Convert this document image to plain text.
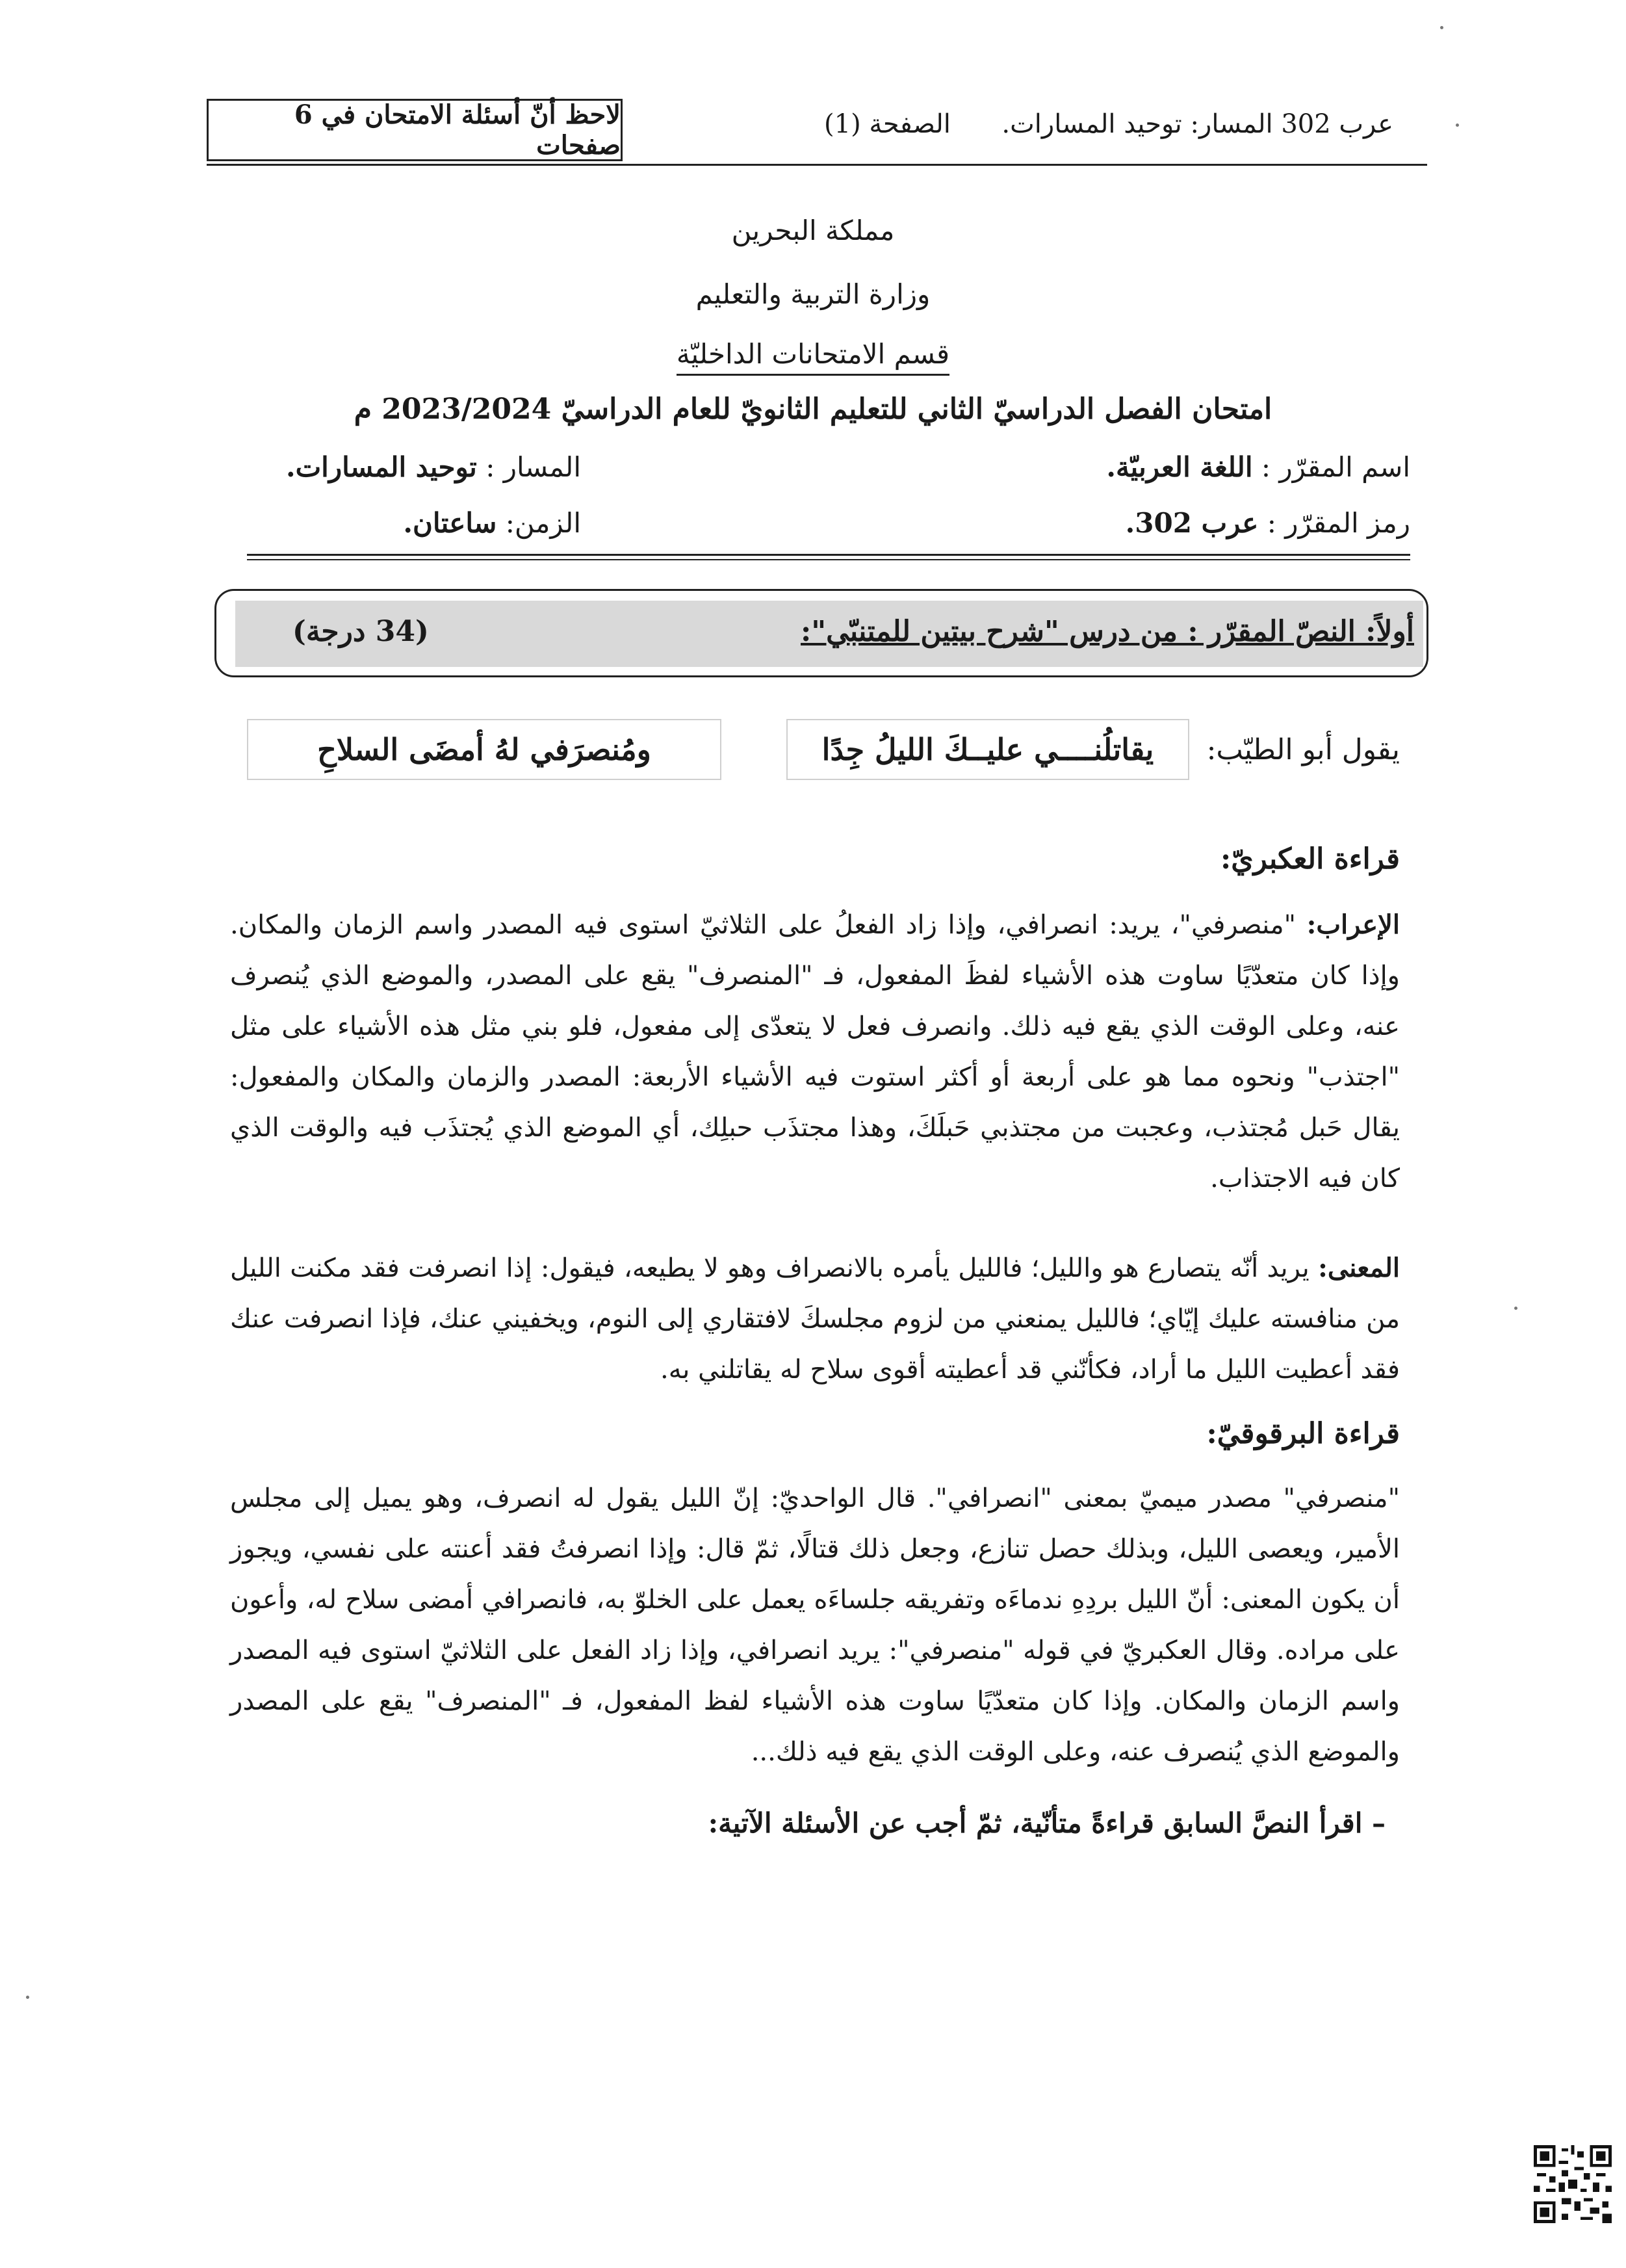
لاحظ أنّ أسئلة الامتحان في 6 صفحات
الصفحة (1) عرب 302 المسار: توحيد المسارات.
مملكة البحرين
وزارة التربية والتعليم
قسم الامتحانات الداخليّة
امتحان الفصل الدراسيّ الثاني للتعليم الثانويّ للعام الدراسيّ 2023/2024 م
اسم المقرّر : اللغة العربيّة.
المسار : توحيد المسارات.
رمز المقرّر : عرب 302.
الزمن: ساعتان.
أولاً: النصّ المقرّر : من درس "شرح بيتين للمتنبّي":
(34 درجة)
يقول أبو الطيّب:
يقاتلُنــــي عليــكَ الليلُ جِدًا
ومُنصرَفي لهُ أمضَى السلاحِ
قراءة العكبريّ:
الإعراب: "منصرفي"، يريد: انصرافي، وإذا زاد الفعلُ على الثلاثيّ استوى فيه المصدر واسم الزمان والمكان. وإذا كان متعدّيًا ساوت هذه الأشياء لفظَ المفعول، فـ "المنصرف" يقع على المصدر، والموضع الذي يُنصرف عنه، وعلى الوقت الذي يقع فيه ذلك. وانصرف فعل لا يتعدّى إلى مفعول، فلو بني مثل هذه الأشياء على مثل "اجتذب" ونحوه مما هو على أربعة أو أكثر استوت فيه الأشياء الأربعة: المصدر والزمان والمكان والمفعول: يقال حَبل مُجتذب، وعجبت من مجتذبي حَبلَكَ، وهذا مجتذَب حبلِك، أي الموضع الذي يُجتذَب فيه والوقت الذي كان فيه الاجتذاب.
المعنى: يريد أنّه يتصارع هو والليل؛ فالليل يأمره بالانصراف وهو لا يطيعه، فيقول: إذا انصرفت فقد مكنت الليل من منافسته عليك إيّاي؛ فالليل يمنعني من لزوم مجلسكَ لافتقاري إلى النوم، ويخفيني عنك، فإذا انصرفت عنك فقد أعطيت الليل ما أراد، فكأنّني قد أعطيته أقوى سلاح له يقاتلني به.
قراءة البرقوقيّ:
"منصرفي" مصدر ميميّ بمعنى "انصرافي". قال الواحديّ: إنّ الليل يقول له انصرف، وهو يميل إلى مجلس الأمير، ويعصى الليل، وبذلك حصل تنازع، وجعل ذلك قتالًا، ثمّ قال: وإذا انصرفتُ فقد أعنته على نفسي، ويجوز أن يكون المعنى: أنّ الليل بردِهِ ندماءَه وتفريقه جلساءَه يعمل على الخلوّ به، فانصرافي أمضى سلاح له، وأعون على مراده. وقال العكبريّ في قوله "منصرفي": يريد انصرافي، وإذا زاد الفعل على الثلاثيّ استوى فيه المصدر واسم الزمان والمكان. وإذا كان متعدّيًا ساوت هذه الأشياء لفظ المفعول، فـ "المنصرف" يقع على المصدر والموضع الذي يُنصرف عنه، وعلى الوقت الذي يقع فيه ذلك...
– اقرأ النصَّ السابق قراءةً متأنّية، ثمّ أجب عن الأسئلة الآتية:
